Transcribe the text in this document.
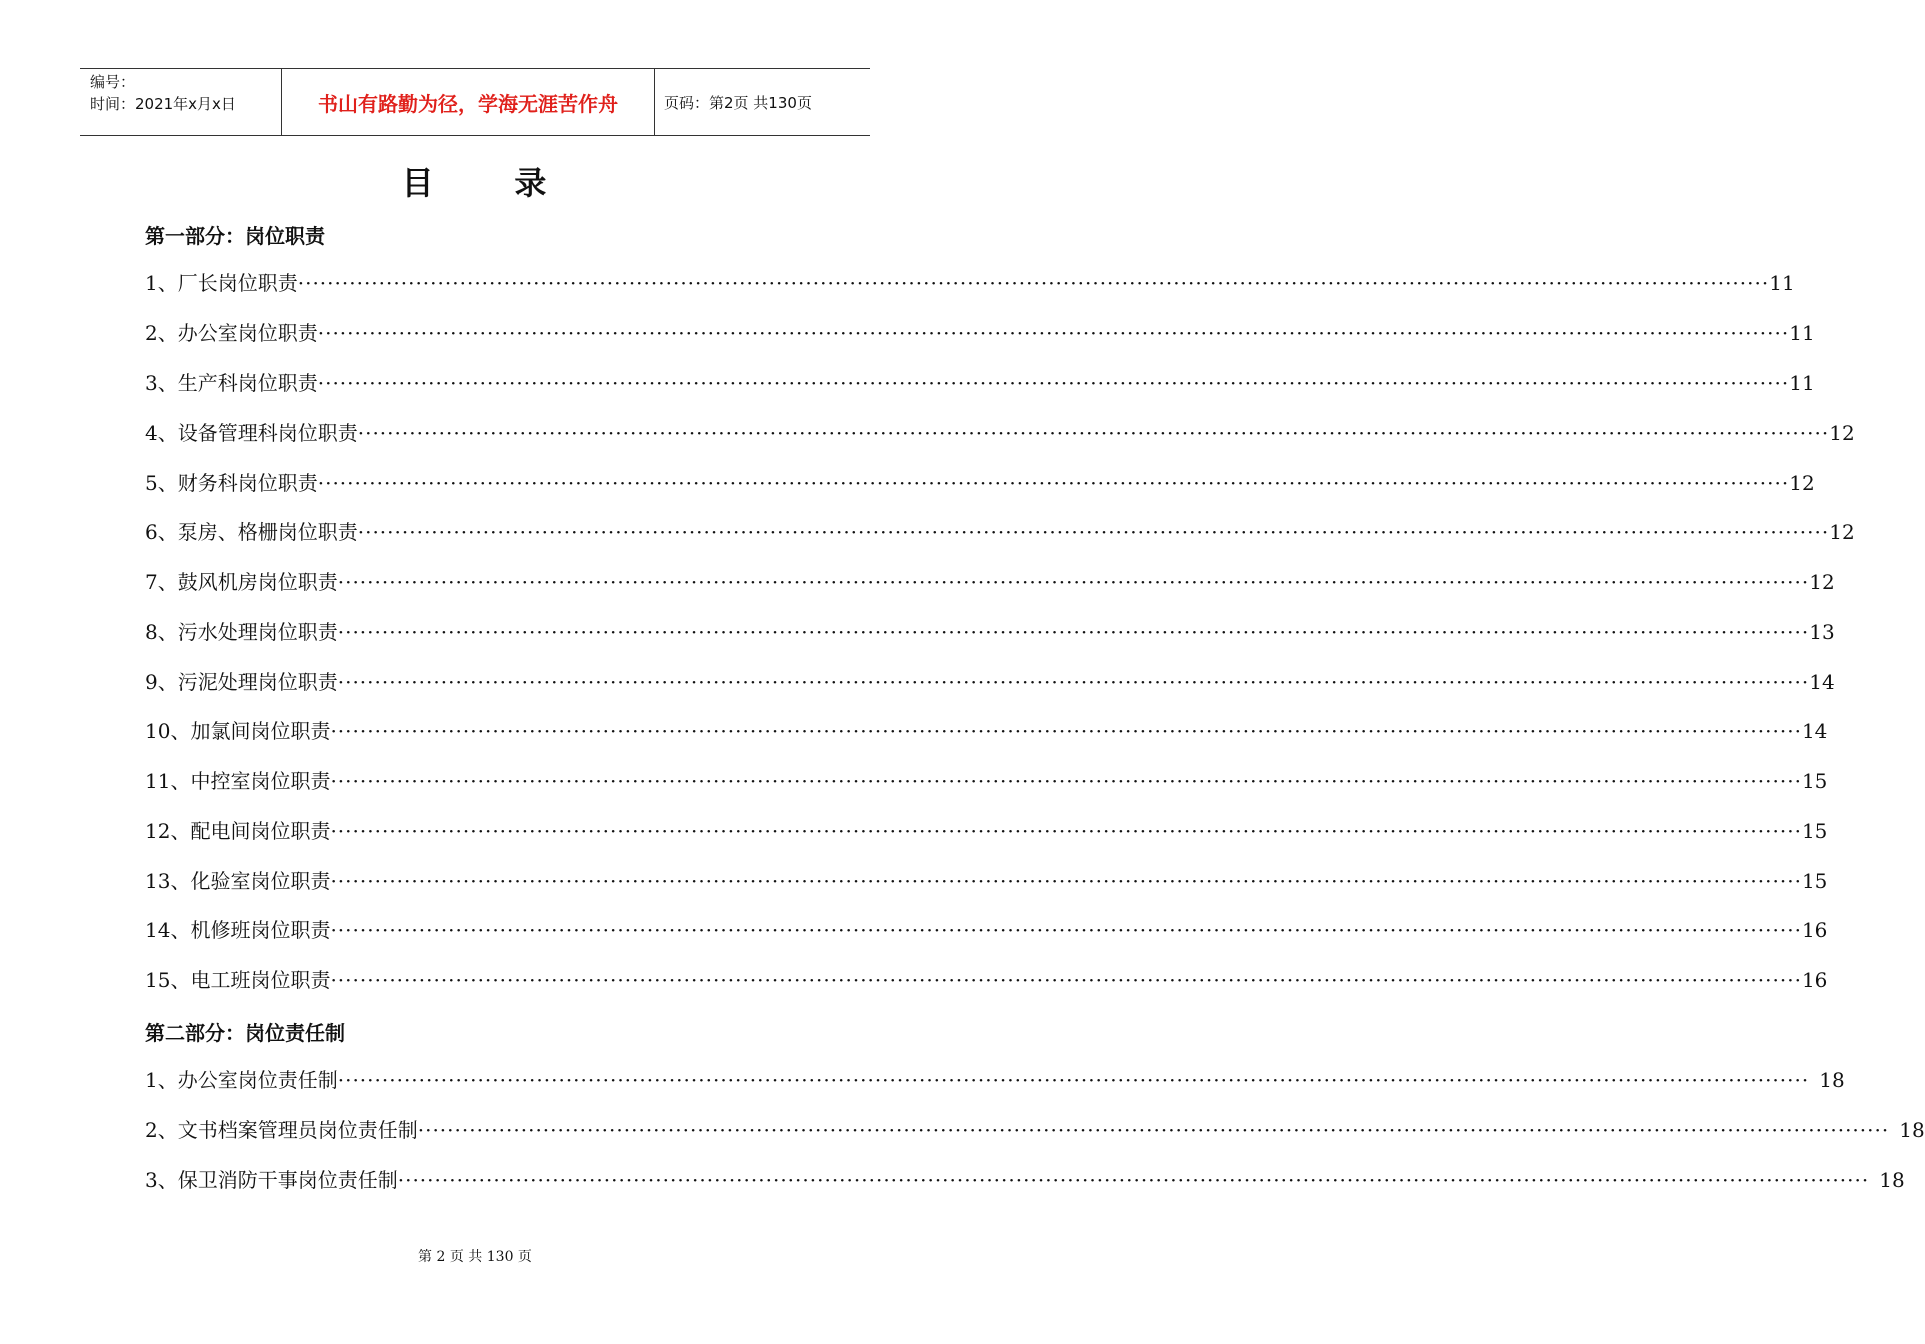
编号：
时间：2021年x月x日	书山有路勤为径，学海无涯苦作舟	页码：第2页 共130页
目      录
第一部分：岗位职责
1、厂长岗位职责 ········································································································································································································ 11
2、办公室岗位职责 ········································································································································································································ 11
3、生产科岗位职责 ········································································································································································································ 11
4、设备管理科岗位职责 ········································································································································································································ 12
5、财务科岗位职责 ········································································································································································································ 12
6、泵房、格栅岗位职责 ········································································································································································································ 12
7、鼓风机房岗位职责 ········································································································································································································ 12
8、污水处理岗位职责 ········································································································································································································ 13
9、污泥处理岗位职责 ········································································································································································································ 14
10、加氯间岗位职责 ········································································································································································································ 14
11、中控室岗位职责 ········································································································································································································ 15
12、配电间岗位职责 ········································································································································································································ 15
13、化验室岗位职责 ········································································································································································································ 15
14、机修班岗位职责 ········································································································································································································ 16
15、电工班岗位职责 ········································································································································································································ 16
第二部分：岗位责任制
1、办公室岗位责任制 ········································································································································································································ 18
2、文书档案管理员岗位责任制 ········································································································································································································ 18
3、保卫消防干事岗位责任制 ········································································································································································································ 18
第 2 页 共 130 页
